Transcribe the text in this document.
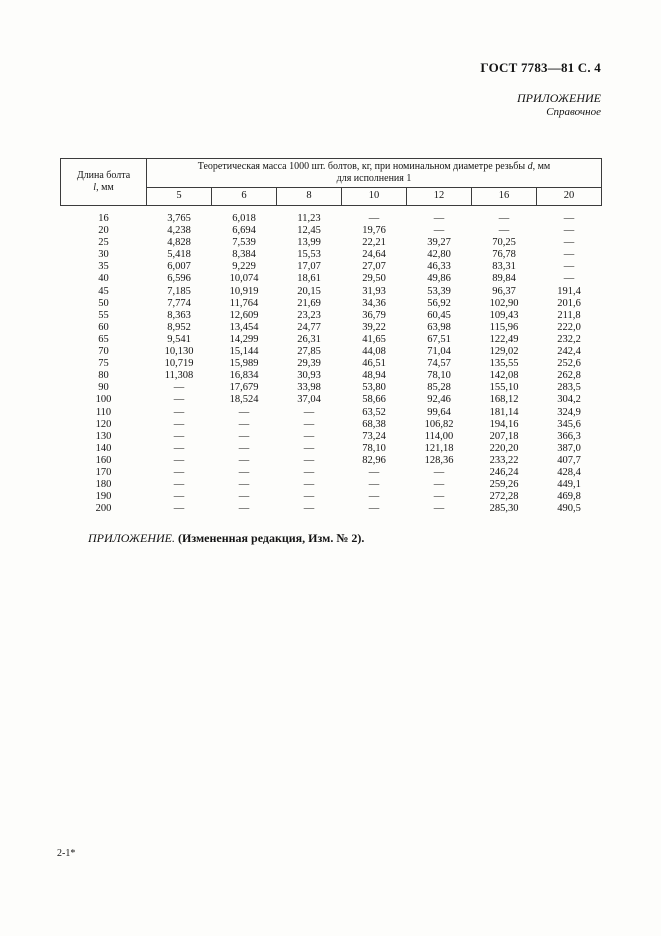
ГОСТ 7783—81 С. 4
ПРИЛОЖЕНИЕ
Справочное
Длина болта
l, мм	Теоретическая масса 1000 шт. болтов, кг, при номинальном диаметре резьбы d, мм
для исполнения 1						
	5	6	8	10	12	16	20
16	3,765	6,018	11,23	—	—	—	—
20	4,238	6,694	12,45	19,76	—	—	—
25	4,828	7,539	13,99	22,21	39,27	70,25	—
30	5,418	8,384	15,53	24,64	42,80	76,78	—
35	6,007	9,229	17,07	27,07	46,33	83,31	—
40	6,596	10,074	18,61	29,50	49,86	89,84	—
45	7,185	10,919	20,15	31,93	53,39	96,37	191,4
50	7,774	11,764	21,69	34,36	56,92	102,90	201,6
55	8,363	12,609	23,23	36,79	60,45	109,43	211,8
60	8,952	13,454	24,77	39,22	63,98	115,96	222,0
65	9,541	14,299	26,31	41,65	67,51	122,49	232,2
70	10,130	15,144	27,85	44,08	71,04	129,02	242,4
75	10,719	15,989	29,39	46,51	74,57	135,55	252,6
80	11,308	16,834	30,93	48,94	78,10	142,08	262,8
90	—	17,679	33,98	53,80	85,28	155,10	283,5
100	—	18,524	37,04	58,66	92,46	168,12	304,2
110	—	—	—	63,52	99,64	181,14	324,9
120	—	—	—	68,38	106,82	194,16	345,6
130	—	—	—	73,24	114,00	207,18	366,3
140	—	—	—	78,10	121,18	220,20	387,0
160	—	—	—	82,96	128,36	233,22	407,7
170	—	—	—	—	—	246,24	428,4
180	—	—	—	—	—	259,26	449,1
190	—	—	—	—	—	272,28	469,8
200	—	—	—	—	—	285,30	490,5
ПРИЛОЖЕНИЕ. (Измененная редакция, Изм. № 2).
2-1*
